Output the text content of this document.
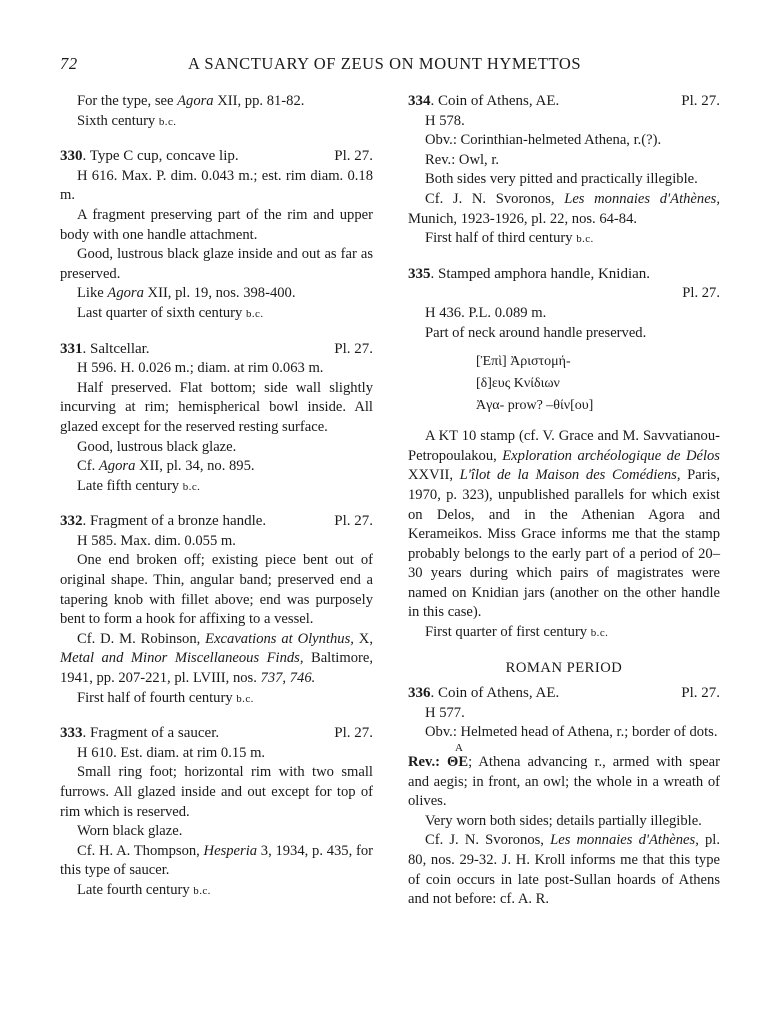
72	A SANCTUARY OF ZEUS ON MOUNT HYMETTOS

For the type, see Agora XII, pp. 81-82.

Sixth century b.c.

330. Type C cup, concave lip.	Pl. 27.

H 616. Max. P. dim. 0.043 m.; est. rim diam. 0.18 m.

A fragment preserving part of the rim and upper body with one handle attachment.

Good, lustrous black glaze inside and out as far as preserved.

Like Agora XII, pl. 19, nos. 398-400.

Last quarter of sixth century b.c.

331. Saltcellar.	Pl. 27.

H 596. H. 0.026 m.; diam. at rim 0.063 m.

Half preserved. Flat bottom; side wall slightly incurving at rim; hemispherical bowl inside. All glazed except for the reserved resting surface.

Good, lustrous black glaze.

Cf. Agora XII, pl. 34, no. 895.

Late fifth century b.c.

332. Fragment of a bronze handle.	Pl. 27.

H 585. Max. dim. 0.055 m.

One end broken off; existing piece bent out of original shape. Thin, angular band; preserved end a tapering knob with fillet above; end was purposely bent to form a hook for affixing to a vessel.

Cf. D. M. Robinson, Excavations at Olynthus, X, Metal and Minor Miscellaneous Finds, Baltimore, 1941, pp. 207-221, pl. LVIII, nos. 737, 746.

First half of fourth century b.c.

333. Fragment of a saucer.	Pl. 27.

H 610. Est. diam. at rim 0.15 m.

Small ring foot; horizontal rim with two small furrows. All glazed inside and out except for top of rim which is reserved.

Worn black glaze.

Cf. H. A. Thompson, Hesperia 3, 1934, p. 435, for this type of saucer.

Late fourth century b.c.

334. Coin of Athens, AE.	Pl. 27.

H 578.

Obv.: Corinthian-helmeted Athena, r.(?).

Rev.: Owl, r.

Both sides very pitted and practically illegible.

Cf. J. N. Svoronos, Les monnaies d'Athènes, Munich, 1923-1926, pl. 22, nos. 64-84.

First half of third century b.c.

335. Stamped amphora handle, Knidian.

Pl. 27.

H 436. P.L. 0.089 m.

Part of neck around handle preserved.

[Ἐπὶ] Ἀριστομή-
[δ]ευς Κνίδιων
Ἀγα- prow? –θίν[ου]

A KT 10 stamp (cf. V. Grace and M. Savvatianou-Petropoulakou, Exploration archéologique de Délos XXVII, L'îlot de la Maison des Comédiens, Paris, 1970, p. 323), unpublished parallels for which exist on Delos, and in the Athenian Agora and Kerameikos. Miss Grace informs me that the stamp probably belongs to the early part of a period of 20–30 years during which pairs of magistrates were named on Knidian jars (another on the other handle in this case).

First quarter of first century b.c.

ROMAN PERIOD

336. Coin of Athens, AE.	Pl. 27.

H 577.

Obv.: Helmeted head of Athena, r.; border of dots.

Rev.:
A
ΘE; Athena advancing r., armed with spear and aegis; in front, an owl; the whole in a wreath of olives.

Very worn both sides; details partially illegible.

Cf. J. N. Svoronos, Les monnaies d'Athènes, pl. 80, nos. 29-32. J. H. Kroll informs me that this type of coin occurs in late post-Sullan hoards of Athens and not before: cf. A. R.
